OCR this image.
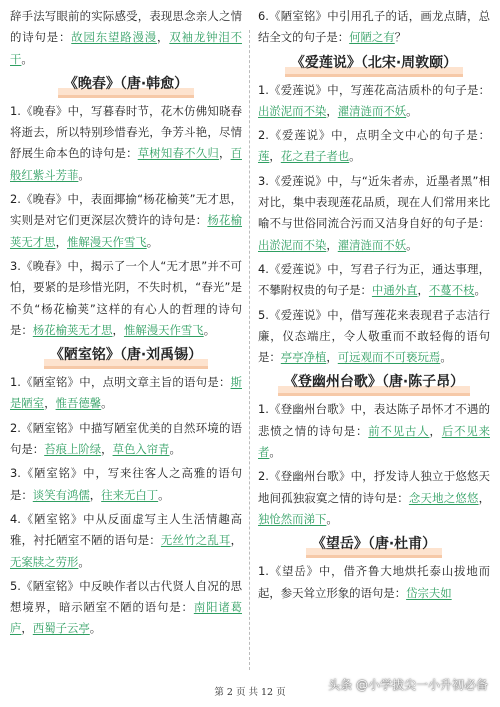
辞手法写眼前的实际感受，表现思念亲人之情的诗句是：故园东望路漫漫，双袖龙钟泪不干。

《晚春》（唐·韩愈）

1.《晚春》中，写暮春时节，花木仿佛知晓春将逝去，所以特别珍惜春光，争芳斗艳，尽情舒展生命本色的诗句是：草树知春不久归，百般红紫斗芳菲。

2.《晚春》中，表面揶揄“杨花榆荚”无才思，实则是对它们更深层次赞许的诗句是：杨花榆荚无才思，惟解漫天作雪飞。

3.《晚春》中，揭示了一个人“无才思”并不可怕，要紧的是珍惜光阴，不失时机，“春光”是不负“杨花榆荚”这样的有心人的哲理的诗句是：杨花榆荚无才思，惟解漫天作雪飞。

《陋室铭》（唐·刘禹锡）

1.《陋室铭》中，点明文章主旨的语句是：斯是陋室，惟吾德馨。

2.《陋室铭》中描写陋室优美的自然环境的语句是：苔痕上阶绿，草色入帘青。

3.《陋室铭》中，写来往客人之高雅的语句是：谈笑有鸿儒，往来无白丁。

4.《陋室铭》中从反面虚写主人生活情趣高雅，衬托陋室不陋的语句是：无丝竹之乱耳，无案牍之劳形。

5.《陋室铭》中反映作者以古代贤人自况的思想境界，暗示陋室不陋的语句是：南阳诸葛庐，西蜀子云亭。

6.《陋室铭》中引用孔子的话，画龙点睛，总结全文的句子是：何陋之有？

《爱莲说》（北宋·周敦颐）

1.《爱莲说》中，写莲花高洁质朴的句子是：出淤泥而不染，濯清涟而不妖。

2.《爱莲说》中，点明全文中心的句子是：莲，花之君子者也。

3.《爱莲说》中，与“近朱者赤，近墨者黑”相对比，集中表现莲花品质，现在人们常用来比喻不与世俗同流合污而又洁身自好的句子是：出淤泥而不染，濯清涟而不妖。

4.《爱莲说》中，写君子行为正，通达事理，不攀附权贵的句子是：中通外直，不蔓不枝。

5.《爱莲说》中，借写莲花来表现君子志洁行廉，仪态端庄，令人敬重而不敢轻侮的语句是：亭亭净植，可远观而不可亵玩焉。

《登幽州台歌》（唐·陈子昂）

1.《登幽州台歌》中，表达陈子昂怀才不遇的悲愤之情的诗句是：前不见古人，后不见来者。

2.《登幽州台歌》中，抒发诗人独立于悠悠天地间孤独寂寞之情的诗句是：念天地之悠悠，独怆然而涕下。

《望岳》（唐·杜甫）

1.《望岳》中，借齐鲁大地烘托泰山拔地而起，参天耸立形象的语句是：岱宗夫如

第 2 页 共 12 页
头条 @小学拔尖一小升初必备
